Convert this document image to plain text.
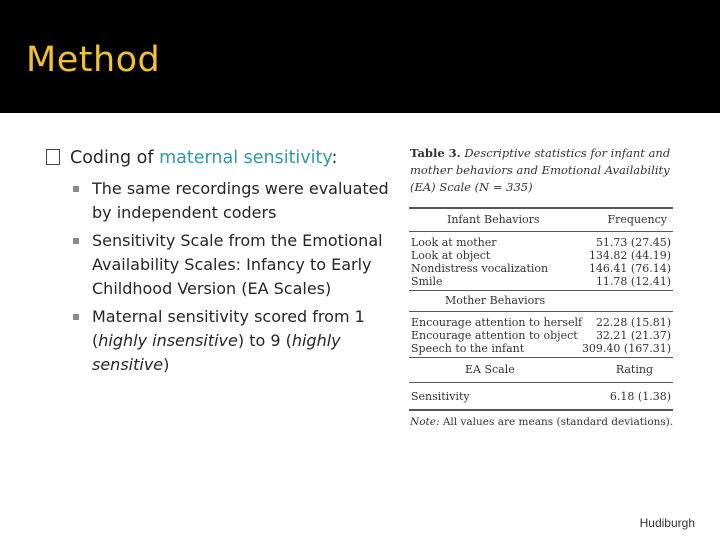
Method
Coding of maternal sensitivity:
The same recordings were evaluated by independent coders
Sensitivity Scale from the Emotional Availability Scales: Infancy to Early Childhood Version (EA Scales)
Maternal sensitivity scored from 1 (highly insensitive) to 9 (highly sensitive)
Table 3. Descriptive statistics for infant and mother behaviors and Emotional Availability (EA) Scale (N = 335)
Infant Behaviors	Frequency
Look at mother	51.73 (27.45)
Look at object	134.82 (44.19)
Nondistress vocalization	146.41 (76.14)
Smile	11.78 (12.41)
Mother Behaviors
Encourage attention to herself 22.28 (15.81)
Encourage attention to object 32.21 (21.37)
Speech to the infant	309.40 (167.31)
EA Scale	Rating
Sensitivity	6.18 (1.38)
Note: All values are means (standard deviations).
Hudiburgh
